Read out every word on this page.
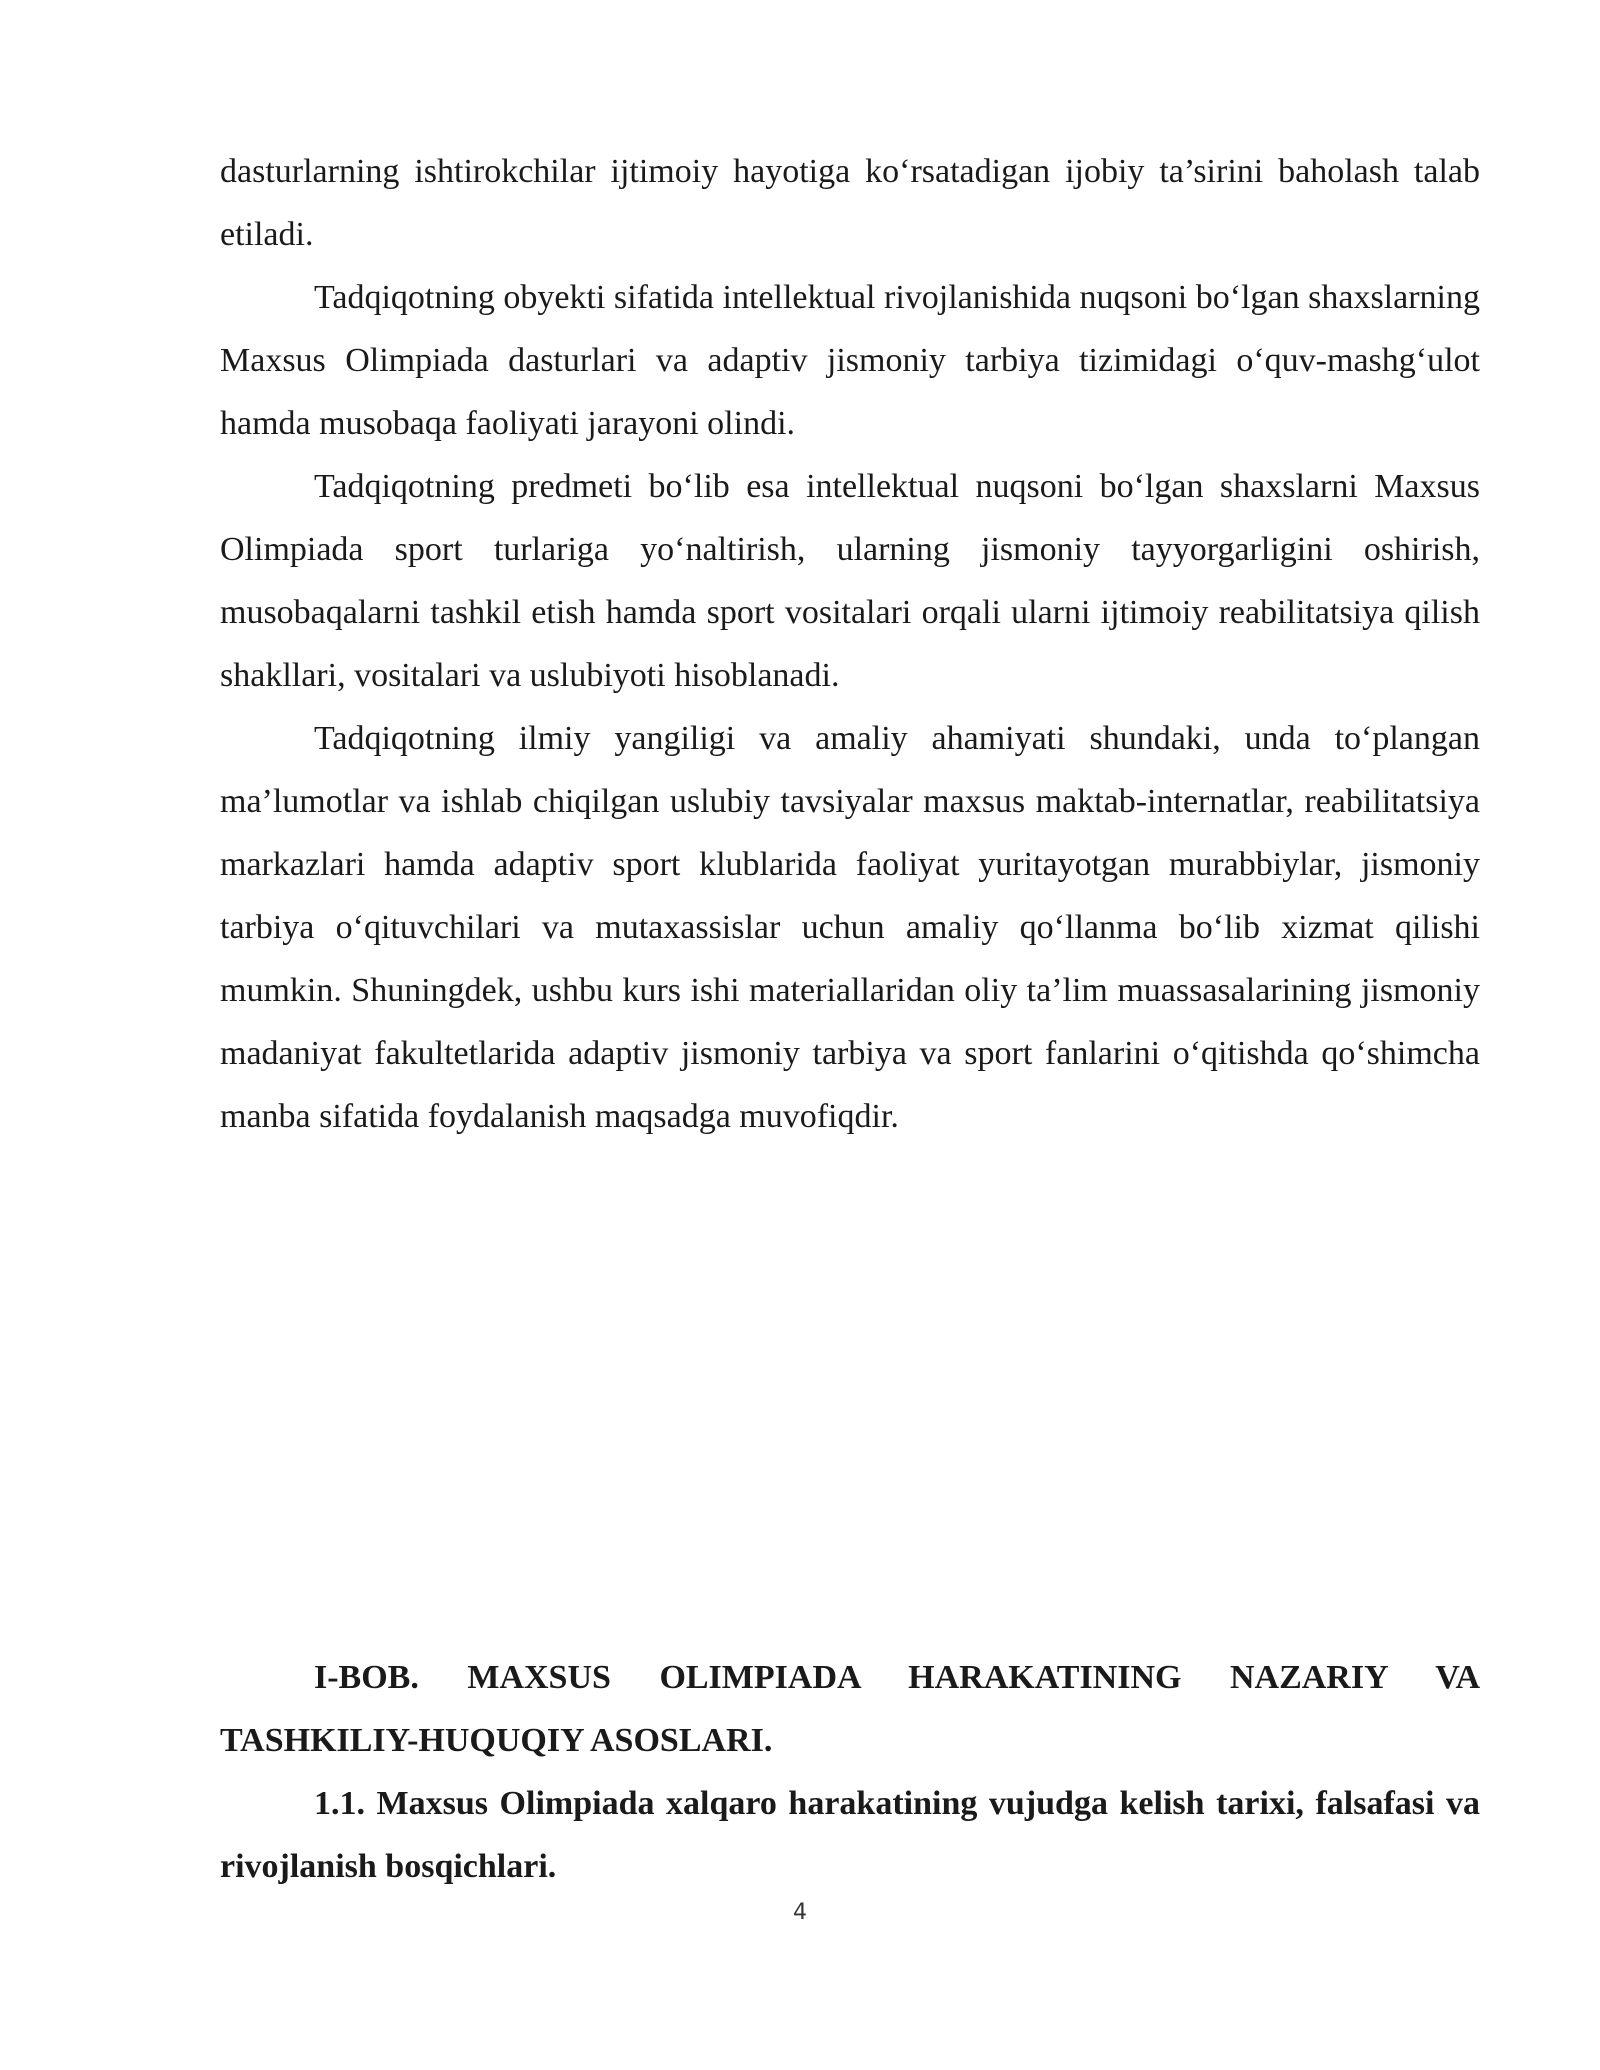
dasturlarning ishtirokchilar ijtimoiy hayotiga ko‘rsatadigan ijobiy ta’sirini baholash talab etiladi.

Tadqiqotning obyekti sifatida intellektual rivojlanishida nuqsoni bo‘lgan shaxslarning Maxsus Olimpiada dasturlari va adaptiv jismoniy tarbiya tizimidagi o‘quv-mashg‘ulot hamda musobaqa faoliyati jarayoni olindi.

Tadqiqotning predmeti bo‘lib esa intellektual nuqsoni bo‘lgan shaxslarni Maxsus Olimpiada sport turlariga yo‘naltirish, ularning jismoniy tayyorgarligini oshirish, musobaqalarni tashkil etish hamda sport vositalari orqali ularni ijtimoiy reabilitatsiya qilish shakllari, vositalari va uslubiyoti hisoblanadi.

Tadqiqotning ilmiy yangiligi va amaliy ahamiyati shundaki, unda to‘plangan ma’lumotlar va ishlab chiqilgan uslubiy tavsiyalar maxsus maktab-internatlar, reabilitatsiya markazlari hamda adaptiv sport klublarida faoliyat yuritayotgan murabbiylar, jismoniy tarbiya o‘qituvchilari va mutaxassislar uchun amaliy qo‘llanma bo‘lib xizmat qilishi mumkin. Shuningdek, ushbu kurs ishi materiallaridan oliy ta’lim muassasalarining jismoniy madaniyat fakultetlarida adaptiv jismoniy tarbiya va sport fanlarini o‘qitishda qo‘shimcha manba sifatida foydalanish maqsadga muvofiqdir.

I-BOB. MAXSUS OLIMPIADA HARAKATINING NAZARIY VA TASHKILIY-HUQUQIY ASOSLARI.

1.1. Maxsus Olimpiada xalqaro harakatining vujudga kelish tarixi, falsafasi va rivojlanish bosqichlari.

4
